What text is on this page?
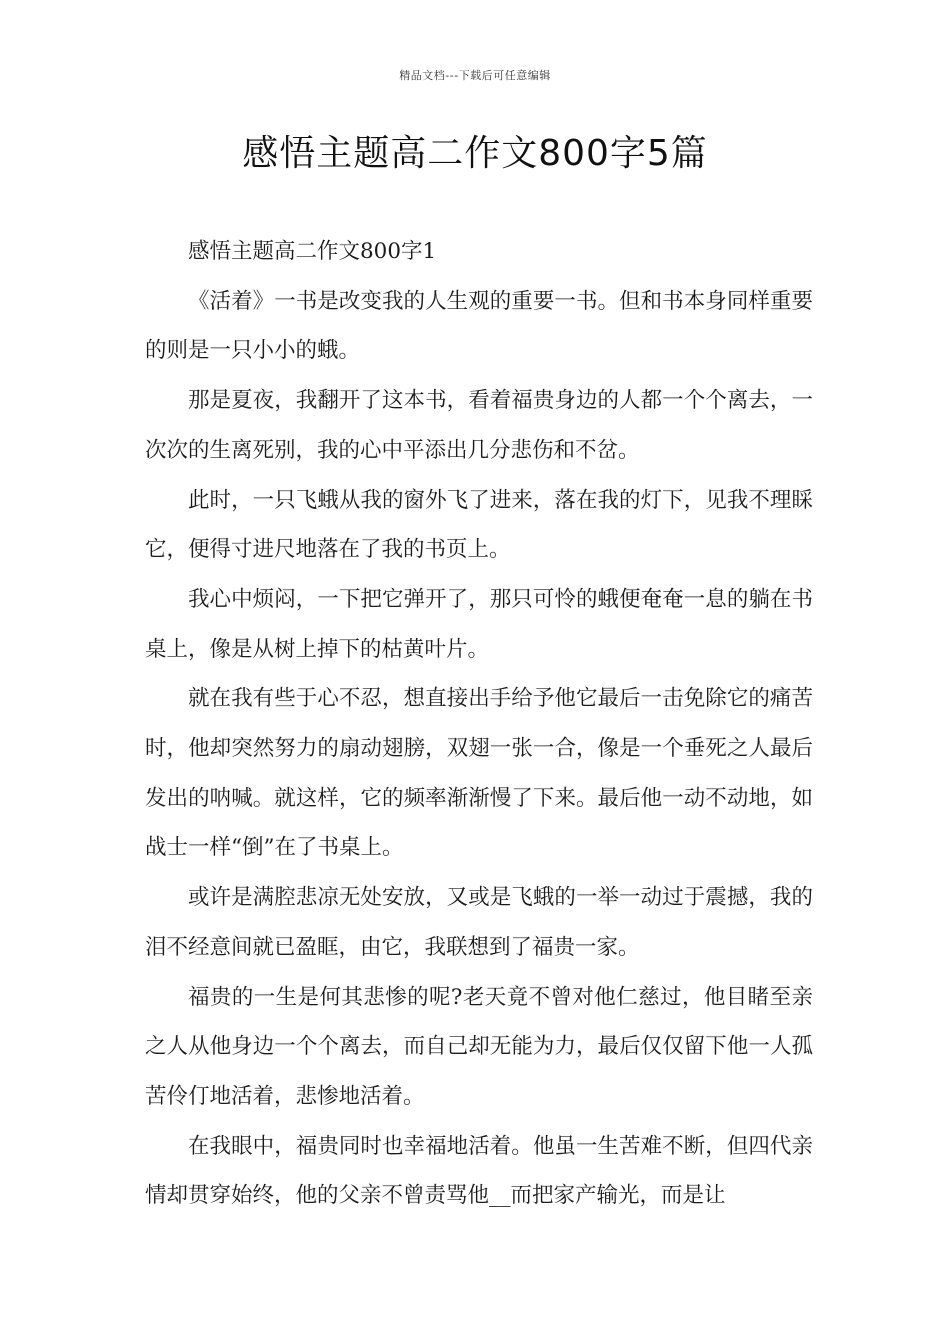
精品文档---下载后可任意编辑
感悟主题高二作文800字5篇

感悟主题高二作文800字1

《活着》一书是改变我的人生观的重要一书。但和书本身同样重要的则是一只小小的蛾。

那是夏夜，我翻开了这本书，看着福贵身边的人都一个个离去，一次次的生离死别，我的心中平添出几分悲伤和不岔。

此时，一只飞蛾从我的窗外飞了进来，落在我的灯下，见我不理睬它，便得寸进尺地落在了我的书页上。

我心中烦闷，一下把它弹开了，那只可怜的蛾便奄奄一息的躺在书桌上，像是从树上掉下的枯黄叶片。

就在我有些于心不忍，想直接出手给予他它最后一击免除它的痛苦时，他却突然努力的扇动翅膀，双翅一张一合，像是一个垂死之人最后发出的呐喊。就这样，它的频率渐渐慢了下来。最后他一动不动地，如战士一样“倒”在了书桌上。

或许是满腔悲凉无处安放，又或是飞蛾的一举一动过于震撼，我的泪不经意间就已盈眶，由它，我联想到了福贵一家。

福贵的一生是何其悲惨的呢?老天竟不曾对他仁慈过，他目睹至亲之人从他身边一个个离去，而自己却无能为力，最后仅仅留下他一人孤苦伶仃地活着，悲惨地活着。

在我眼中，福贵同时也幸福地活着。他虽一生苦难不断，但四代亲情却贯穿始终，他的父亲不曾责骂他__而把家产输光，而是让
